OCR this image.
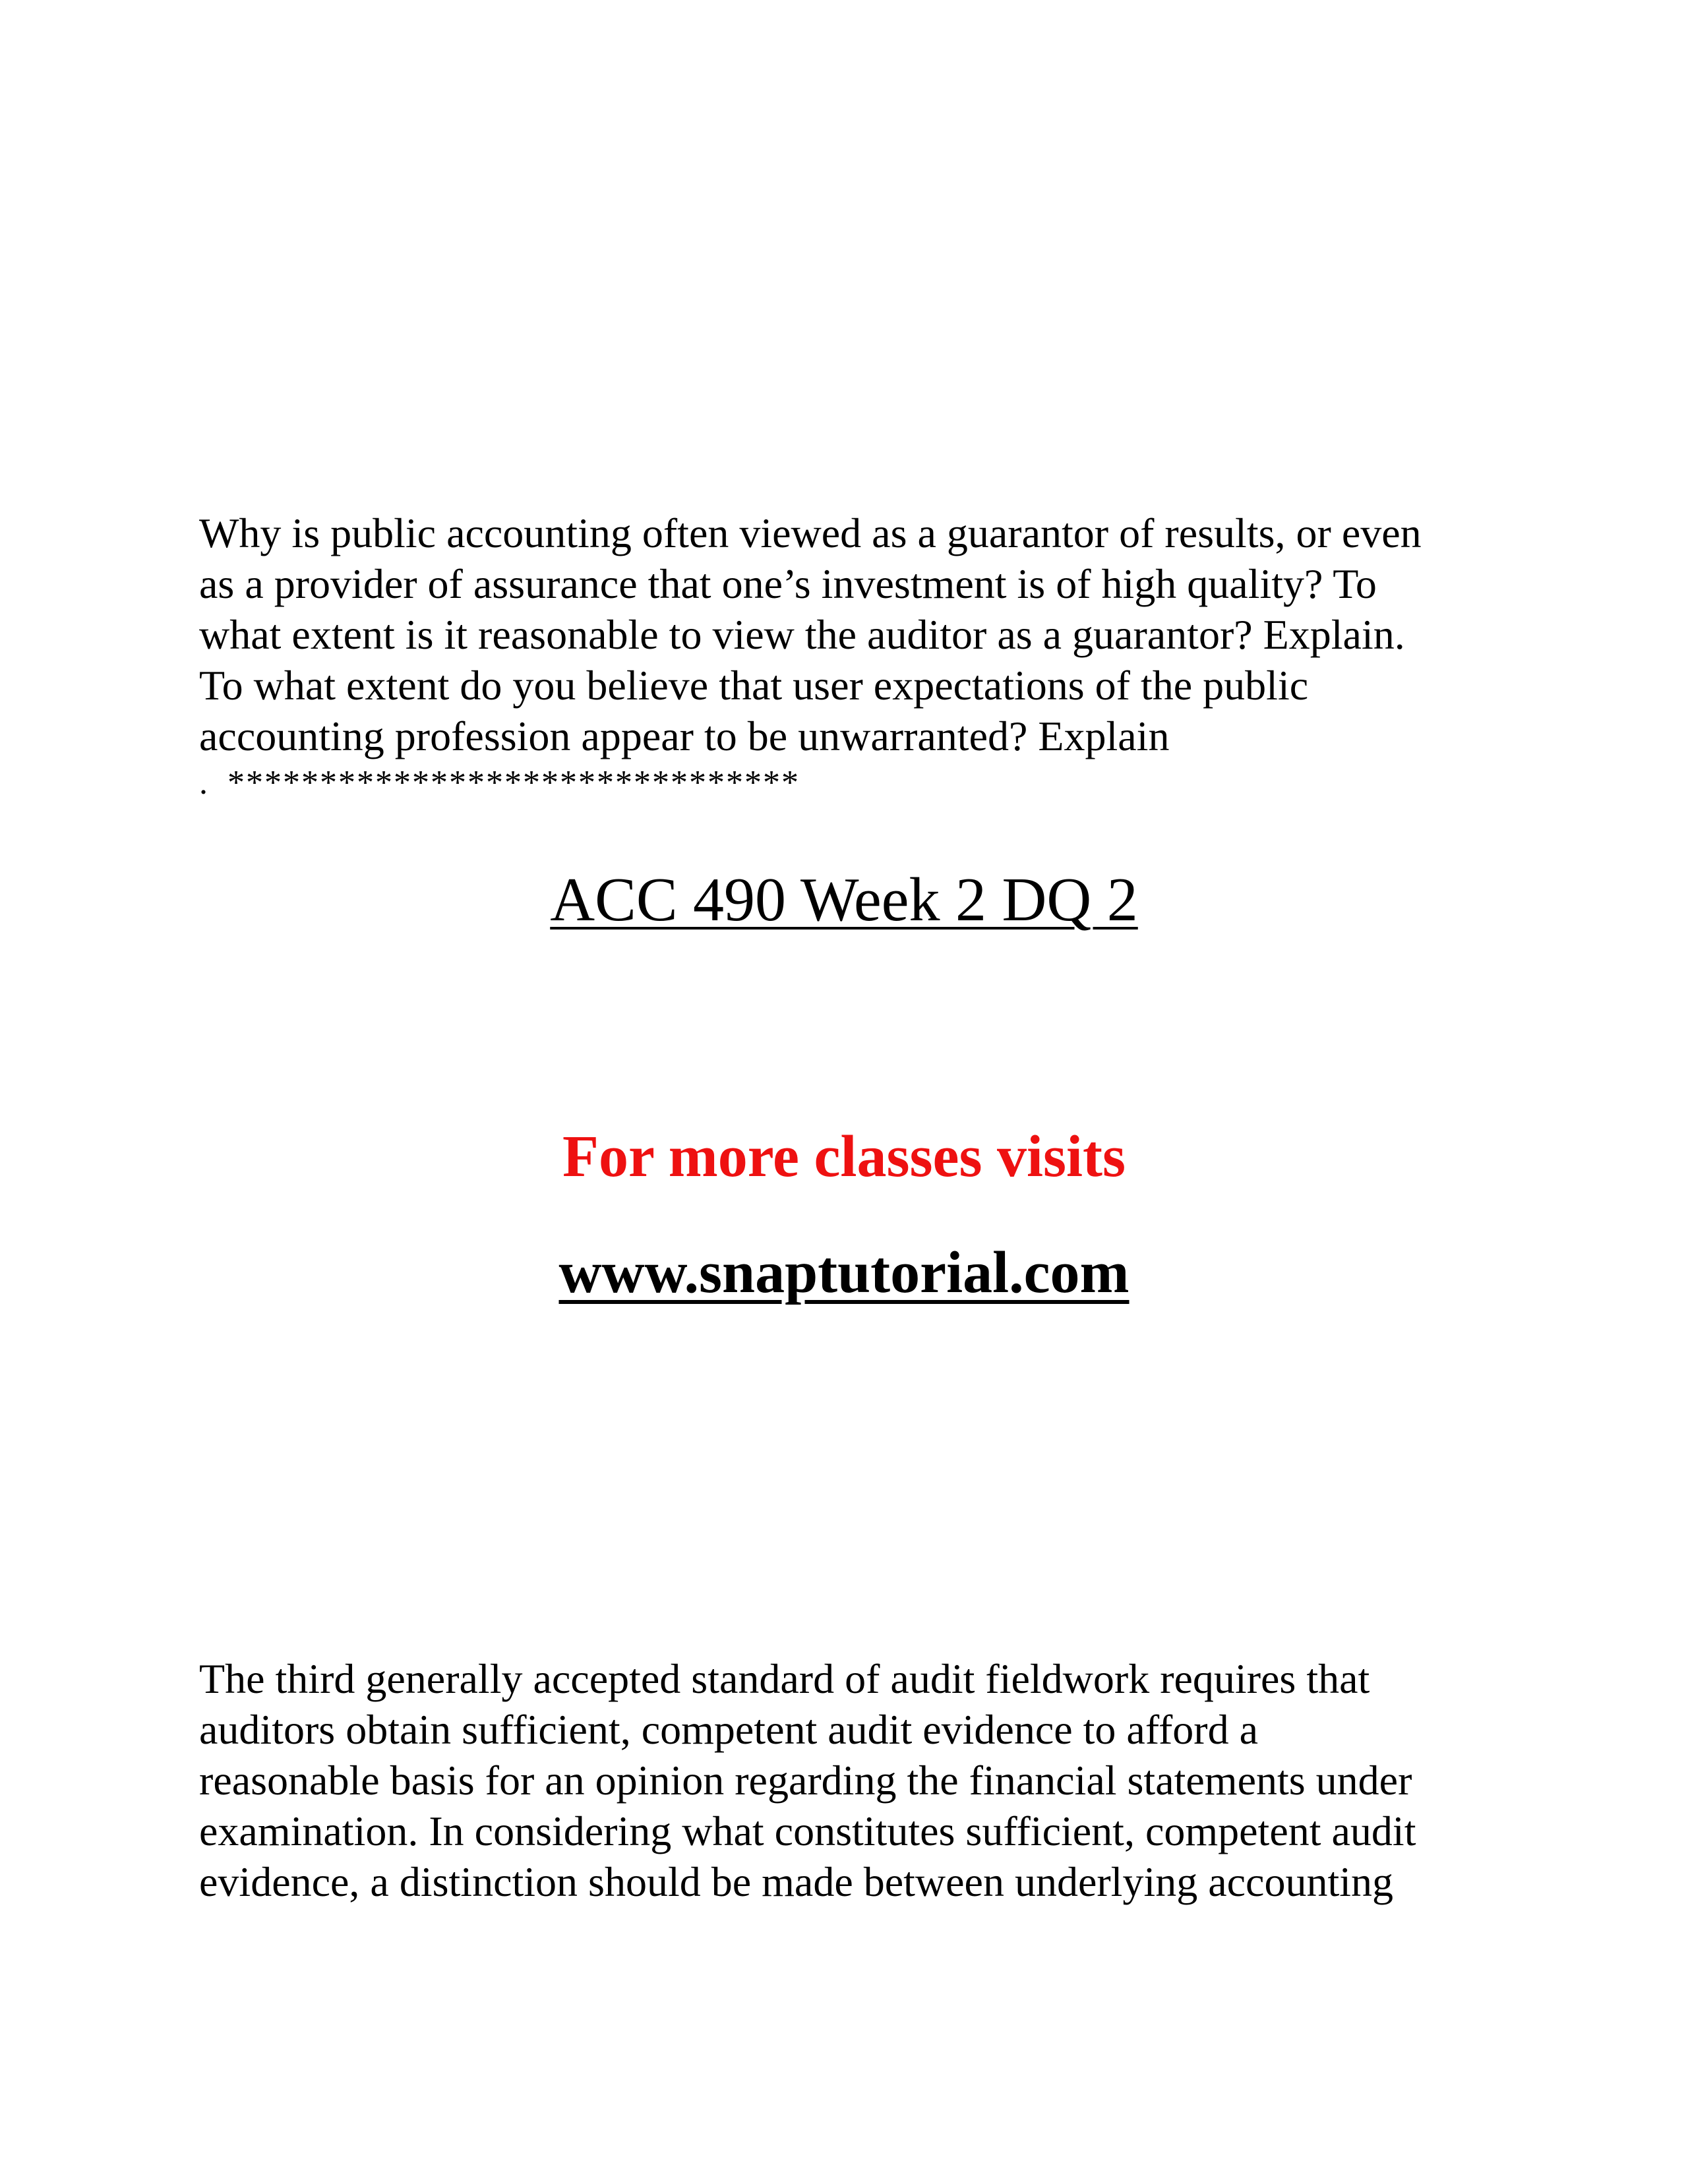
Why is public accounting often viewed as a guarantor of results, or even
as a provider of assurance that one’s investment is of high quality? To
what extent is it reasonable to view the auditor as a guarantor? Explain.
To what extent do you believe that user expectations of the public
accounting profession appear to be unwarranted? Explain
. *******************************
ACC 490 Week 2 DQ 2
For more classes visits
www.snaptutorial.com
The third generally accepted standard of audit fieldwork requires that
auditors obtain sufficient, competent audit evidence to afford a
reasonable basis for an opinion regarding the financial statements under
examination. In considering what constitutes sufficient, competent audit
evidence, a distinction should be made between underlying accounting
